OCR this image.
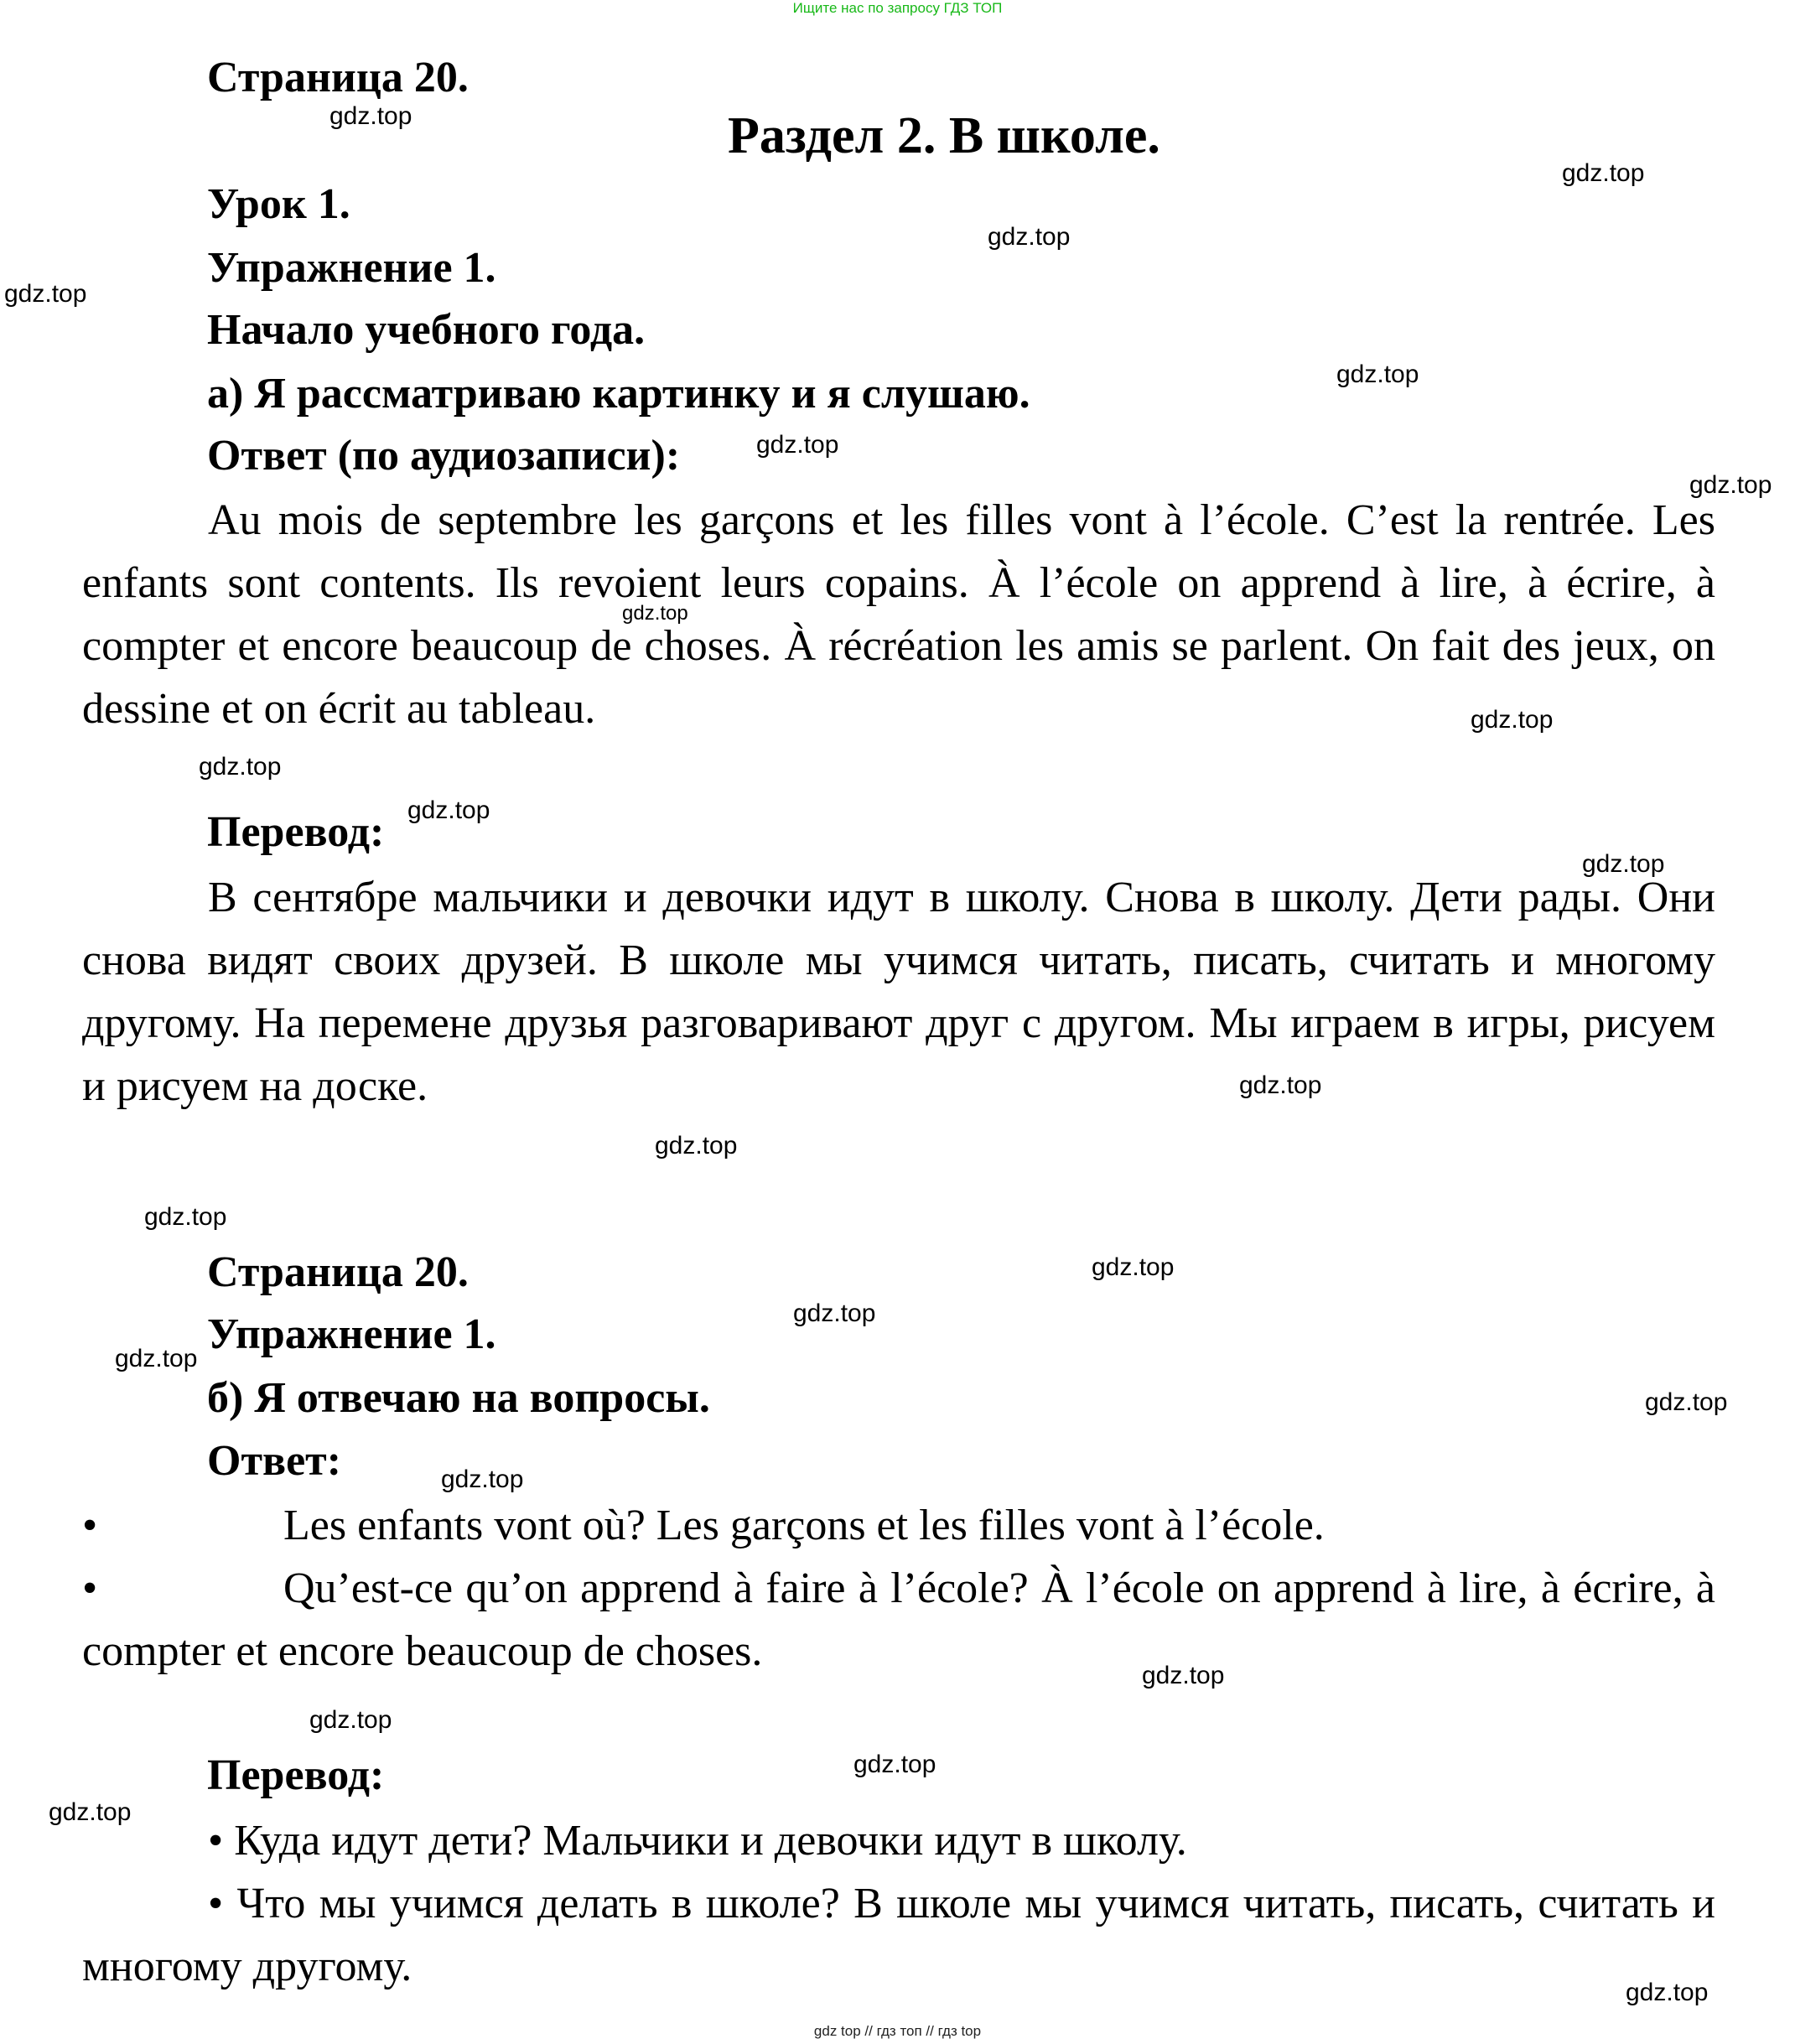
Ищите нас по запросу ГДЗ ТОП
Страница 20.
Раздел 2. В школе.
Урок 1.
Упражнение 1.
Начало учебного года.
а) Я рассматриваю картинку и я слушаю.
Ответ (по аудиозаписи):
Au mois de septembre les garçons et les filles vont à l’école. C’est la rentrée. Les enfants sont contents. Ils revoient leurs copains. À l’école on apprend à lire, à écrire, à compter et encore beaucoup de choses. À récréation les amis se parlent. On fait des jeux, on dessine et on écrit au tableau.
Перевод:
В сентябре мальчики и девочки идут в школу. Снова в школу. Дети рады. Они снова видят своих друзей. В школе мы учимся читать, писать, считать и многому другому. На перемене друзья разговаривают друг с другом. Мы играем в игры, рисуем и рисуем на доске.
Страница 20.
Упражнение 1.
б) Я отвечаю на вопросы.
Ответ:
•	Les enfants vont où? Les garçons et les filles vont à l’école.
•	Qu’est-ce qu’on apprend à faire à l’école? À l’école on apprend à lire, à écrire, à compter et encore beaucoup de choses.
Перевод:
• Куда идут дети? Мальчики и девочки идут в школу.
• Что мы учимся делать в школе? В школе мы учимся читать, писать, считать и многому другому.
gdz.top
gdz.top
gdz.top
gdz.top
gdz.top
gdz.top
gdz.top
gdz.top
gdz.top
gdz.top
gdz.top
gdz.top
gdz.top
gdz.top
gdz.top
gdz.top
gdz.top
gdz.top
gdz.top
gdz.top
gdz.top
gdz.top
gdz.top
gdz.top
gdz.top
gdz top // гдз топ // гдз top
